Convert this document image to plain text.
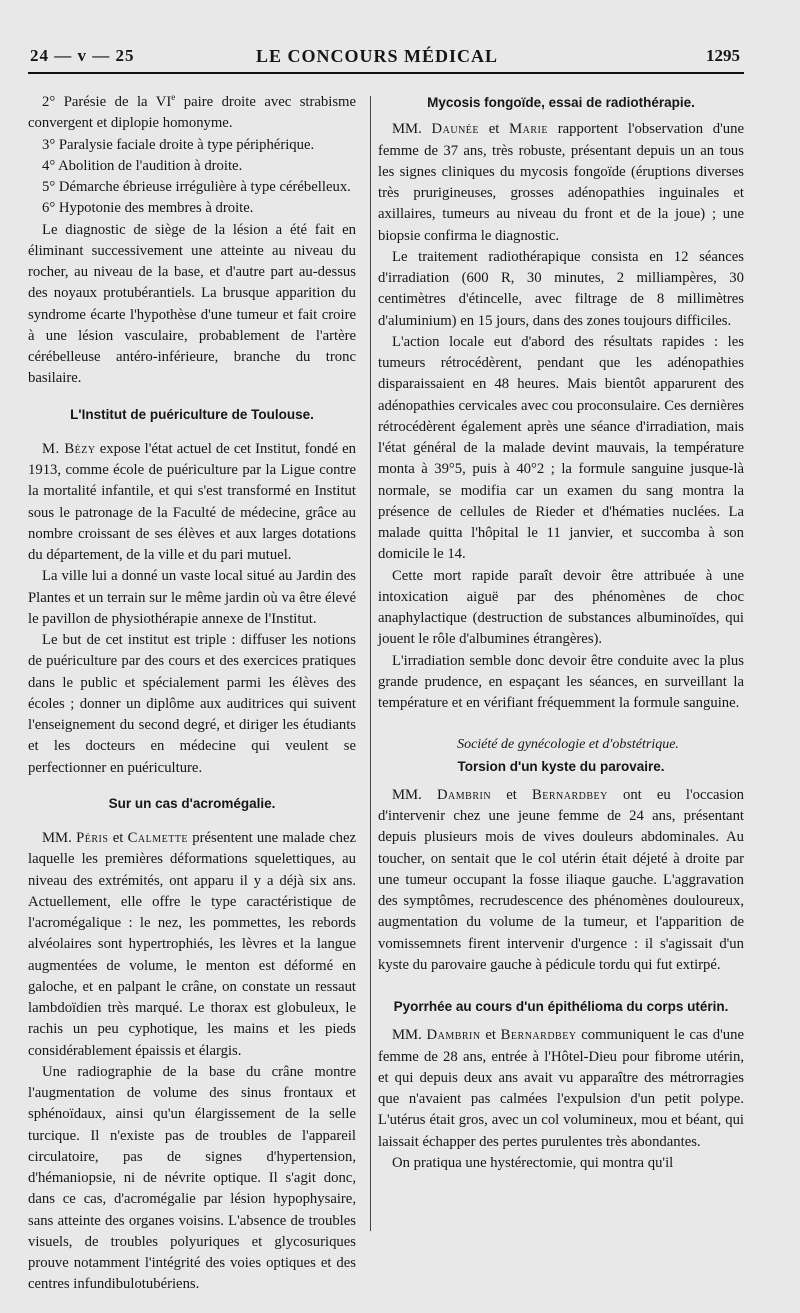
24 — v — 25	LE CONCOURS MÉDICAL	1295

2° Parésie de la VIe paire droite avec strabisme convergent et diplopie homonyme.

3° Paralysie faciale droite à type périphérique.

4° Abolition de l'audition à droite.

5° Démarche ébrieuse irrégulière à type cérébelleux.

6° Hypotonie des membres à droite.

Le diagnostic de siège de la lésion a été fait en éliminant successivement une atteinte au niveau du rocher, au niveau de la base, et d'autre part au-dessus des noyaux protubérantiels. La brusque apparition du syndrome écarte l'hypothèse d'une tumeur et fait croire à une lésion vasculaire, probablement de l'artère cérébelleuse antéro-inférieure, branche du tronc basilaire.

L'Institut de puériculture de Toulouse.

M. Bézy expose l'état actuel de cet Institut, fondé en 1913, comme école de puériculture par la Ligue contre la mortalité infantile, et qui s'est transformé en Institut sous le patronage de la Faculté de médecine, grâce au nombre croissant de ses élèves et aux larges dotations du département, de la ville et du pari mutuel.

La ville lui a donné un vaste local situé au Jardin des Plantes et un terrain sur le même jardin où va être élevé le pavillon de physiothérapie annexe de l'Institut.

Le but de cet institut est triple : diffuser les notions de puériculture par des cours et des exercices pratiques dans le public et spécialement parmi les élèves des écoles ; donner un diplôme aux auditrices qui suivent l'enseignement du second degré, et diriger les étudiants et les docteurs en médecine qui veulent se perfectionner en puériculture.

Sur un cas d'acromégalie.

MM. Péris et Calmette présentent une malade chez laquelle les premières déformations squelettiques, au niveau des extrémités, ont apparu il y a déjà six ans. Actuellement, elle offre le type caractéristique de l'acromégalique : le nez, les pommettes, les rebords alvéolaires sont hypertrophiés, les lèvres et la langue augmentées de volume, le menton est déformé en galoche, et en palpant le crâne, on constate un ressaut lambdoïdien très marqué. Le thorax est globuleux, le rachis un peu cyphotique, les mains et les pieds considérablement épaissis et élargis.

Une radiographie de la base du crâne montre l'augmentation de volume des sinus frontaux et sphénoïdaux, ainsi qu'un élargissement de la selle turcique. Il n'existe pas de troubles de l'appareil circulatoire, pas de signes d'hypertension, d'hémaniopsie, ni de névrite optique. Il s'agit donc, dans ce cas, d'acromégalie par lésion hypophysaire, sans atteinte des organes voisins. L'absence de troubles visuels, de troubles polyuriques et glycosuriques prouve notamment l'intégrité des voies optiques et des centres infundibulotubériens.

Mycosis fongoïde, essai de radiothérapie.

MM. Daunée et Marie rapportent l'observation d'une femme de 37 ans, très robuste, présentant depuis un an tous les signes cliniques du mycosis fongoïde (éruptions diverses très prurigineuses, grosses adénopathies inguinales et axillaires, tumeurs au niveau du front et de la joue) ; une biopsie confirma le diagnostic.

Le traitement radiothérapique consista en 12 séances d'irradiation (600 R, 30 minutes, 2 milliampères, 30 centimètres d'étincelle, avec filtrage de 8 millimètres d'aluminium) en 15 jours, dans des zones toujours difficiles.

L'action locale eut d'abord des résultats rapides : les tumeurs rétrocédèrent, pendant que les adénopathies disparaissaient en 48 heures. Mais bientôt apparurent des adénopathies cervicales avec cou proconsulaire. Ces dernières rétrocédèrent également après une séance d'irradiation, mais l'état général de la malade devint mauvais, la température monta à 39°5, puis à 40°2 ; la formule sanguine jusque-là normale, se modifia car un examen du sang montra la présence de cellules de Rieder et d'hématies nuclées. La malade quitta l'hôpital le 11 janvier, et succomba à son domicile le 14.

Cette mort rapide paraît devoir être attribuée à une intoxication aiguë par des phénomènes de choc anaphylactique (destruction de substances albuminoïdes, qui jouent le rôle d'albumines étrangères).

L'irradiation semble donc devoir être conduite avec la plus grande prudence, en espaçant les séances, en surveillant la température et en vérifiant fréquemment la formule sanguine.

Société de gynécologie et d'obstétrique.

Torsion d'un kyste du parovaire.

MM. Dambrin et Bernardbey ont eu l'occasion d'intervenir chez une jeune femme de 24 ans, présentant depuis plusieurs mois de vives douleurs abdominales. Au toucher, on sentait que le col utérin était déjeté à droite par une tumeur occupant la fosse iliaque gauche. L'aggravation des symptômes, recrudescence des phénomènes douloureux, augmentation du volume de la tumeur, et l'apparition de vomissemnets firent intervenir d'urgence : il s'agissait d'un kyste du parovaire gauche à pédicule tordu qui fut extirpé.

Pyorrhée au cours d'un épithélioma du corps utérin.

MM. Dambrin et Bernardbey communiquent le cas d'une femme de 28 ans, entrée à l'Hôtel-Dieu pour fibrome utérin, et qui depuis deux ans avait vu apparaître des métrorragies que n'avaient pas calmées l'expulsion d'un petit polype. L'utérus était gros, avec un col volumineux, mou et béant, qui laissait échapper des pertes purulentes très abondantes.

On pratiqua une hystérectomie, qui montra qu'il
